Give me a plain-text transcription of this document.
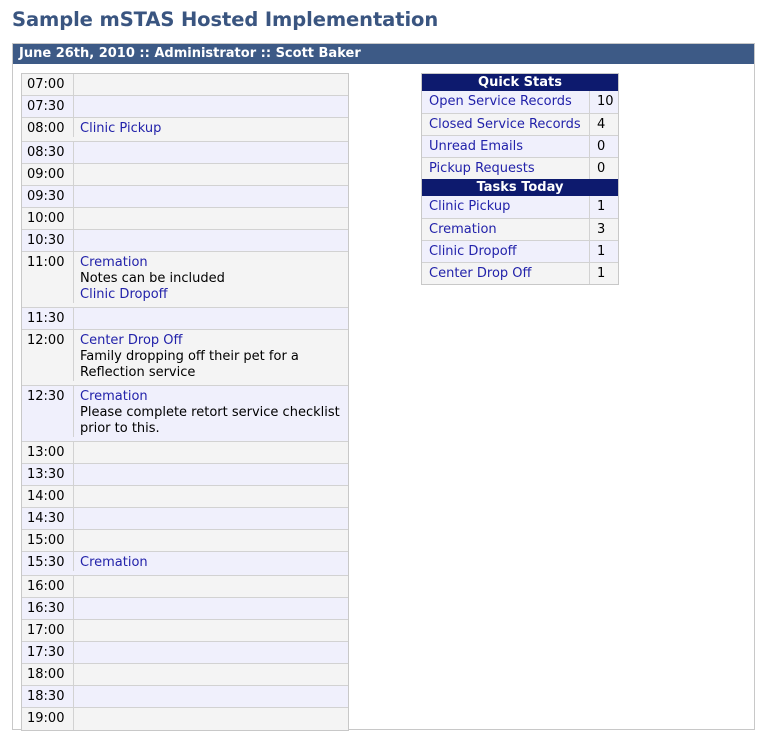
Sample mSTAS Hosted Implementation
June 26th, 2010 :: Administrator :: Scott Baker
07:00
07:30
08:00	Clinic Pickup
08:30
09:00
09:30
10:00
10:30
11:00	Cremation
Notes can be included
Clinic Dropoff
11:30
12:00	Center Drop Off
Family dropping off their pet for a Reflection service
12:30	Cremation
Please complete retort service checklist prior to this.
13:00
13:30
14:00
14:30
15:00
15:30	Cremation
16:00
16:30
17:00
17:30
18:00
18:30
19:00
Quick Stats
Open Service Records	10
Closed Service Records	4
Unread Emails	0
Pickup Requests	0
Tasks Today
Clinic Pickup	1
Cremation	3
Clinic Dropoff	1
Center Drop Off	1
